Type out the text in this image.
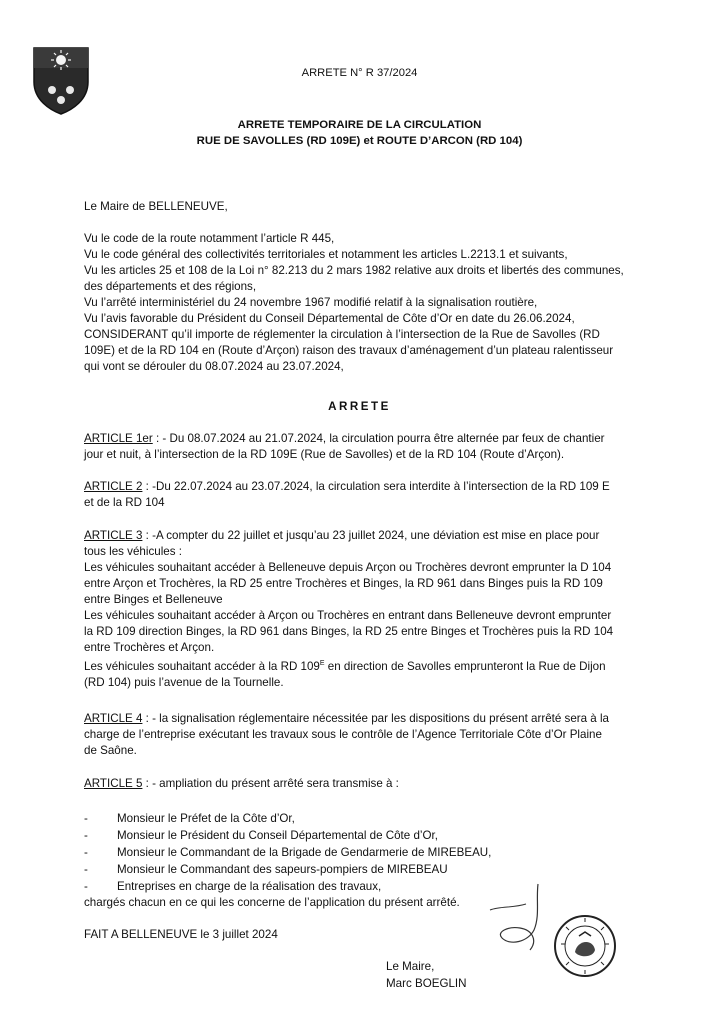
ARRETE N° R 37/2024
ARRETE TEMPORAIRE DE LA CIRCULATION
RUE DE SAVOLLES (RD 109E) et ROUTE D’ARCON (RD 104)
Le Maire de BELLENEUVE,
Vu le code de la route notamment l’article R 445,
Vu le code général des collectivités territoriales et notamment les articles L.2213.1 et suivants,
Vu les articles 25 et 108 de la Loi n° 82.213 du 2 mars 1982 relative aux droits et libertés des communes,
des départements et des régions,
Vu l’arrêté interministériel du 24 novembre 1967 modifié relatif à la signalisation routière,
Vu l’avis favorable du Président du Conseil Départemental de Côte d’Or en date du 26.06.2024,
CONSIDERANT qu’il importe de réglementer la circulation à l’intersection de la Rue de Savolles (RD
109E) et de la RD 104 en (Route d’Arçon) raison des travaux d’aménagement d’un plateau ralentisseur
qui vont se dérouler du 08.07.2024 au 23.07.2024,
ARRETE
ARTICLE 1er : - Du 08.07.2024 au 21.07.2024, la circulation pourra être alternée par feux de chantier
jour et nuit, à l’intersection de la RD 109E (Rue de Savolles) et de la RD 104 (Route d’Arçon).
ARTICLE 2 : -Du 22.07.2024 au 23.07.2024, la circulation sera interdite à l’intersection de la RD 109 E
et de la RD 104
ARTICLE 3 : -A compter du 22 juillet et jusqu’au 23 juillet 2024, une déviation est mise en place pour
tous les véhicules :
Les véhicules souhaitant accéder à Belleneuve depuis Arçon ou Trochères devront emprunter la D 104
entre Arçon et Trochères, la RD 25 entre Trochères et Binges, la RD 961 dans Binges puis la RD 109
entre Binges et Belleneuve
Les véhicules souhaitant accéder à Arçon ou Trochères en entrant dans Belleneuve devront emprunter
la RD 109 direction Binges, la RD 961 dans Binges, la RD 25 entre Binges et Trochères puis la RD 104
entre Trochères et Arçon.
Les véhicules souhaitant accéder à la RD $109^E$ en direction de Savolles emprunteront la Rue de Dijon
(RD 104) puis l’avenue de la Tournelle.
ARTICLE 4 : - la signalisation réglementaire nécessitée par les dispositions du présent arrêté sera à la
charge de l’entreprise exécutant les travaux sous le contrôle de l’Agence Territoriale Côte d’Or Plaine
de Saône.
ARTICLE 5 : - ampliation du présent arrêté sera transmise à :
- Monsieur le Préfet de la Côte d’Or,
- Monsieur le Président du Conseil Départemental de Côte d’Or,
- Monsieur le Commandant de la Brigade de Gendarmerie de MIREBEAU,
- Monsieur le Commandant des sapeurs-pompiers de MIREBEAU
- Entreprises en charge de la réalisation des travaux,
chargés chacun en ce qui les concerne de l’application du présent arrêté.
FAIT A BELLENEUVE le 3 juillet 2024
Le Maire,
Marc BOEGLIN
